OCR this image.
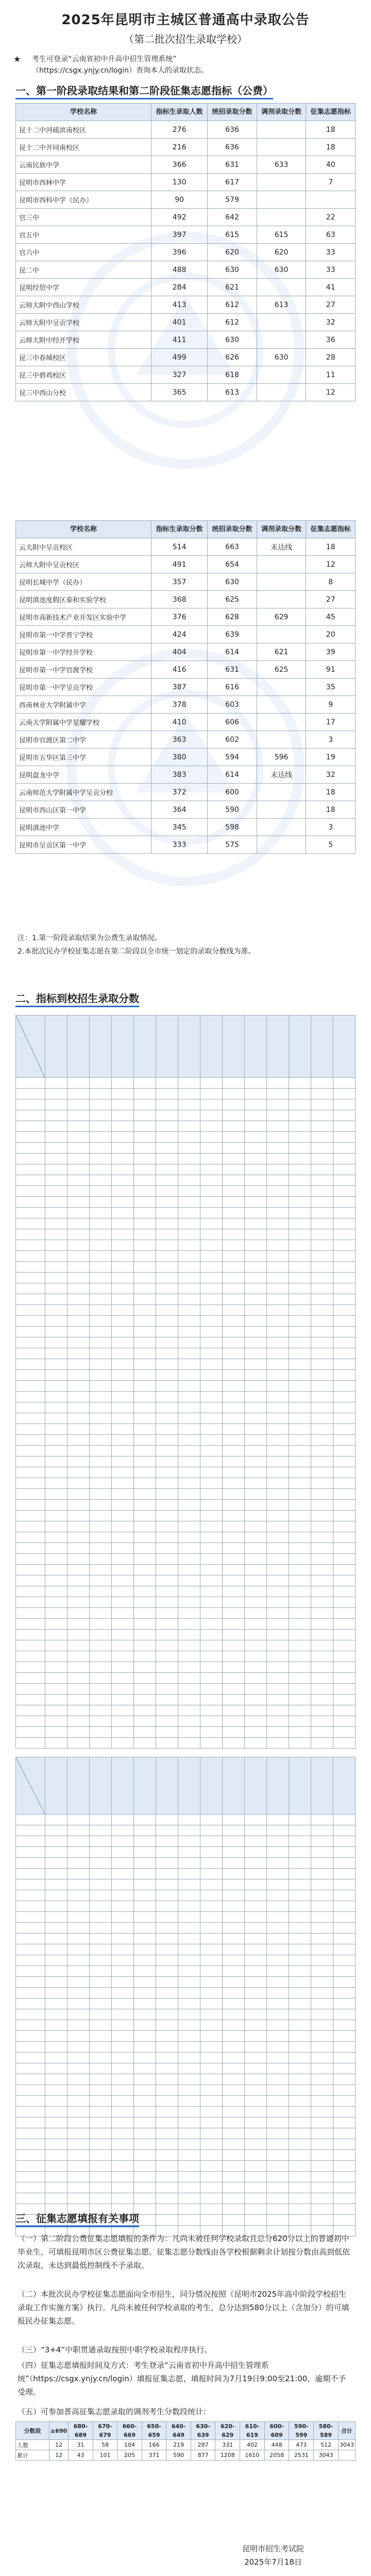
2025年昆明市主城区普通高中录取公告
（第二批次招生录取学校）
★ 考生可登录“云南省初中升高中招生管理系统”
（https://csgx.ynjy.cn/login）查询本人的录取状态。
一、第一阶段录取结果和第二阶段征集志愿指标（公费）
学校名称	指标生录取人数	统招录取分数	调剂录取分数	征集志愿指标
昆十二中河疏滨南校区	276	636		18
昆十二中开同南校区	216	636		18
云南民族中学	366	631	633	40
昆明市西林中学	130	617		7
昆明市西科中学（民办）	90	579		
官三中	492	642		22
官五中	397	615	615	63
官六中	396	620	620	33
昆二中	488	630	630	33
昆明经贸中学	284	621		41
云师大附中西山学校	413	612	613	27
云师大附中呈贡学校	401	612		32
云师大附中经开学校	411	630		36
昆三中春城校区	499	626	630	28
昆三中碧鸡校区	327	618		11
昆三中西山分校	365	613		12
学校名称	指标生录取分数	统招录取分数	调剂录取分数	征集志愿指标
云大附中呈贡校区	514	663	未达线	18
云师大附中呈贡校区	491	654		12
昆明长城中学（民办）	357	630		8
昆明滇池度假区泰和实验学校	368	625		27
昆明市高新技术产业开发区实验中学	376	628	629	45
昆明市第一中学晋宁学校	424	639		20
昆明市第一中学经开学校	404	614	621	39
昆明市第一中学官渡学校	416	631	625	91
昆明市第一中学呈贡学校	387	616		35
西南林业大学附属中学	378	603		9
云南大学附属中学星耀学校	410	606		17
昆明市官渡区第二中学	363	602		3
昆明市五华区第三中学	380	594	596	19
昆明盘龙中学	383	614	未达线	32
云南师范大学附属中学呈贡分校	372	600		18
昆明市西山区第一中学	364	590		18
昆明滇池中学	345	598		3
昆明市呈贡区第一中学	333	575		5
注：1.第一阶段录取结果为公费生录取情况。
2.本批次民办学校征集志愿在第二阶段以全市统一划定的录取分数线为准。
二、指标到校招生录取分数

三、征集志愿填报有关事项
（一）第二阶段公费征集志愿填报的条件为：凡尚未被任何学校录取且总分620分以上的普通初中毕业生，可填报昆明市区公费征集志愿。征集志愿分数线由各学校根据剩余计划按分数由高到低依次录取，未达到最低控制线不予录取。
（二）本批次民办学校征集志愿面向全市招生，同分情况按照《昆明市2025年高中阶段学校招生录取工作实施方案》执行。凡尚未被任何学校录取的考生，总分达到580分以上（含加分）的可填报民办征集志愿。
（三）“3+4”中职贯通录取按照中职学校录取程序执行。
（四）征集志愿填报时间及方式：考生登录“云南省初中升高中招生管理系统”（https://csgx.ynjy.cn/login）填报征集志愿，填报时间为7月19日9:00至21:00，逾期不予受理。
（五）可参加普高征集志愿录取的调剂考生分数段统计：
分数段	≥690	680-689	670-679	660-669	650-659	640-649	630-639	620-629	610-619	600-609	590-599	580-589	合计
人数	12	31	58	104	166	219	287	331	402	448	473	512	3043
累计	12	43	101	205	371	590	877	1208	1610	2058	2531	3043	
昆明市招生考试院
2025年7月18日
